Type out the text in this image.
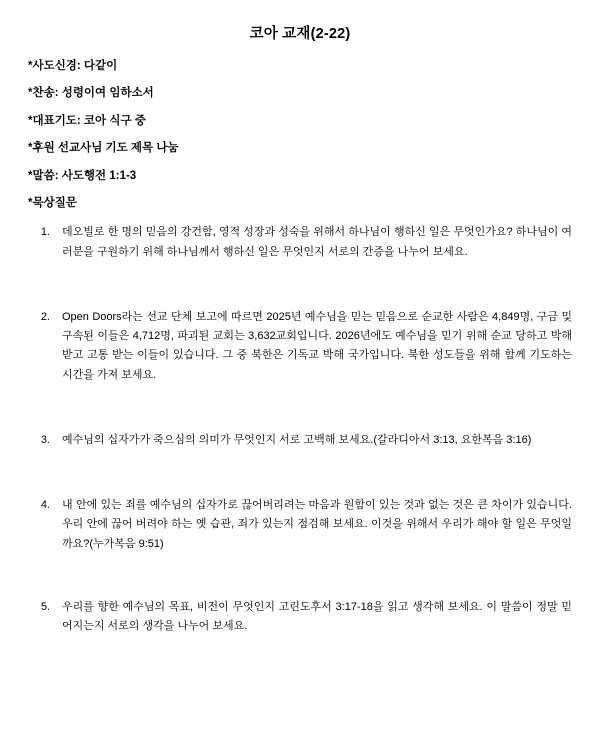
코아 교재(2-22)
*사도신경: 다같이
*찬송: 성령이여 임하소서
*대표기도: 코아 식구 중
*후원 선교사님 기도 제목 나눔
*말씀: 사도행전 1:1-3
*묵상질문
1.	데오빌로 한 명의 믿음의 강건함, 영적 성장과 성숙을 위해서 하나님이 행하신 일은 무엇인가요? 하나님이 여러분을 구원하기 위해 하나님께서 행하신 일은 무엇인지 서로의 간증을 나누어 보세요.
2.	Open Doors라는 선교 단체 보고에 따르면 2025년 예수님을 믿는 믿음으로 순교한 사람은 4,849명, 구금 및 구속된 이들은 4,712명, 파괴된 교회는 3,632교회입니다. 2026년에도 예수님을 믿기 위해 순교 당하고 박해 받고 고통 받는 이들이 있습니다. 그 중 북한은 기독교 박해 국가입니다. 북한 성도들을 위해 함께 기도하는 시간을 가져 보세요.
3.	예수님의 십자가가 죽으심의 의미가 무엇인지 서로 고백해 보세요.(갈라디아서 3:13, 요한복음 3:16)
4.	내 안에 있는 죄를 예수님의 십자가로 끊어버리려는 마음과 원함이 있는 것과 없는 것은 큰 차이가 있습니다. 우리 안에 끊어 버려야 하는 옛 습관, 죄가 있는지 점검해 보세요. 이것을 위해서 우리가 해야 할 일은 무엇일까요?(누가복음 9:51)
5.	우리를 향한 예수님의 목표, 비전이 무엇인지 고린도후서 3:17-18을 읽고 생각해 보세요. 이 말씀이 정말 믿어지는지 서로의 생각을 나누어 보세요.
